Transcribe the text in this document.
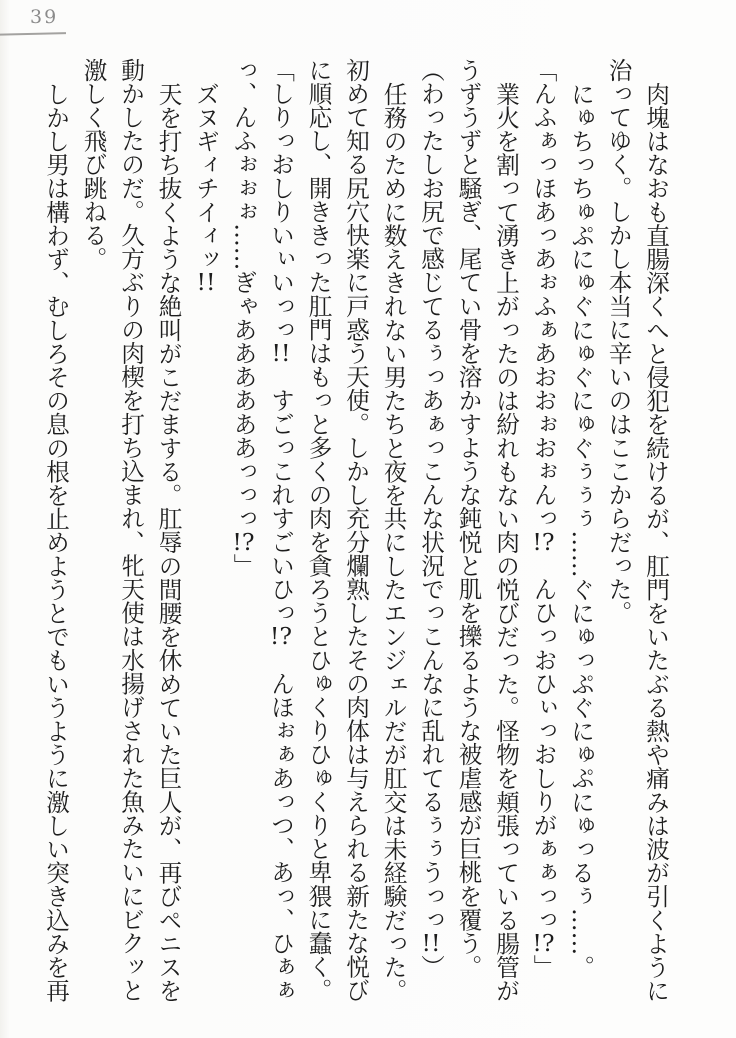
39

肉塊はなおも直腸深くへと侵犯を続けるが、肛門をいたぶる熱や痛みは波が引くように治ってゆく。しかし本当に辛いのはここからだった。

にゅちっちゅぷにゅぐにゅぐにゅぐぅぅぅ……ぐにゅっぷぐにゅぷにゅっるぅ……。

「んふぁっほあっあぉふぁあおおぉおぉんっ!?　んひっおひぃっおしりがぁぁっっ!?」

業火を割って湧き上がったのは紛れもない肉の悦びだった。怪物を頬張っている腸管がうずうずと騒ぎ、尾てい骨を溶かすような鈍悦と肌を擽るような被虐感が巨桃を覆う。

（わったしお尻で感じてるぅっあぁっこんな状況でっこんなに乱れてるぅぅうっっ!!）

任務のために数えきれない男たちと夜を共にしたエンジェルだが肛交は未経験だった。初めて知る尻穴快楽に戸惑う天使。しかし充分爛熟したその肉体は与えられる新たな悦びに順応し、開ききった肛門はもっと多くの肉を貪ろうとひゅくりひゅくりと卑猥に蠢く。

「しりっおしりいぃいっっ!!　すごっこれすごいひっ!?　んほぉぁあっつ、あっ、ひぁぁっ、んふぉぉぉ……ぎゃああああああっっっ!?」

ズヌギィチイィッ!!

天を打ち抜くような絶叫がこだまする。肛辱の間腰を休めていた巨人が、再びペニスを動かしたのだ。久方ぶりの肉楔を打ち込まれ、牝天使は水揚げされた魚みたいにビクッと激しく飛び跳ねる。

しかし男は構わず、むしろその息の根を止めようとでもいうように激しい突き込みを再
